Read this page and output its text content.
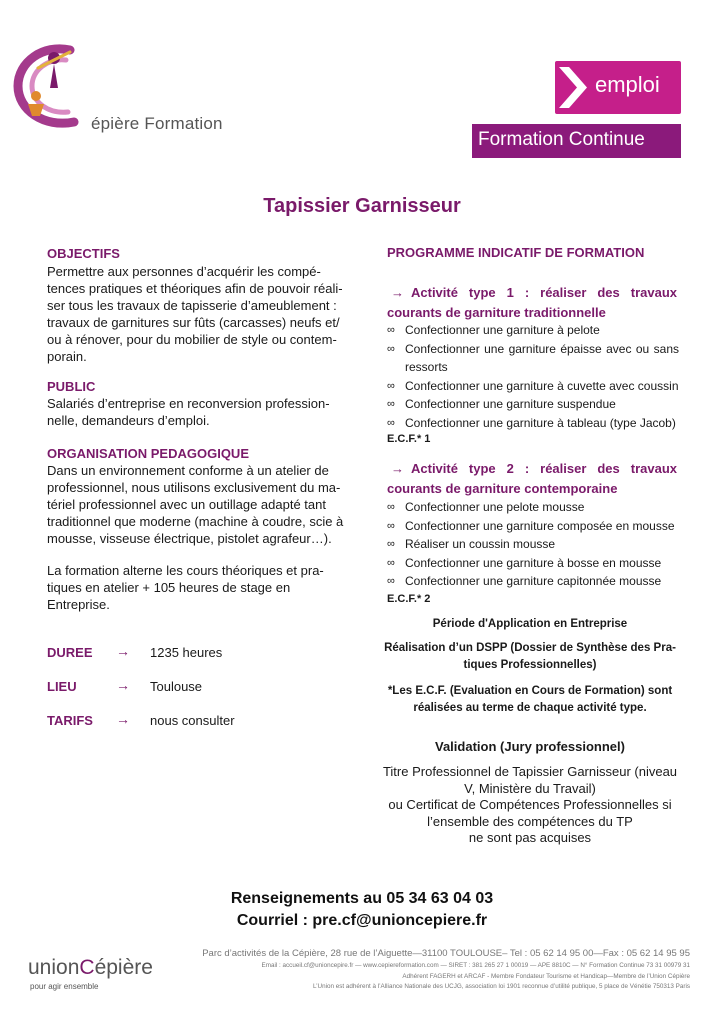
épière Formation
emploi
Formation Continue
Tapissier Garnisseur
OBJECTIFS
Permettre aux personnes d’acquérir les compé-
tences pratiques et théoriques afin de pouvoir réali-
ser tous les travaux de tapisserie d’ameublement :
travaux de garnitures sur fûts (carcasses) neufs et/
ou à rénover, pour du mobilier de style ou contem-
porain.
PUBLIC
Salariés d’entreprise en reconversion profession-
nelle, demandeurs d’emploi.
ORGANISATION PEDAGOGIQUE
Dans un environnement conforme à un atelier de
professionnel, nous utilisons exclusivement du ma-
tériel professionnel avec un outillage adapté tant
traditionnel que moderne (machine à coudre, scie à
mousse, visseuse électrique, pistolet agrafeur…).
La formation alterne les cours théoriques et pra-
tiques en atelier + 105 heures de stage en
Entreprise.
DUREE → 1235 heures
LIEU	→ Toulouse
TARIFS → nous consulter
PROGRAMME INDICATIF DE FORMATION
→ Activité type 1 : réaliser des travaux courants de garniture traditionnelle
∞ Confectionner une garniture à pelote
∞ Confectionner une garniture épaisse avec ou sans ressorts
∞ Confectionner une garniture à cuvette avec coussin
∞ Confectionner une garniture suspendue
∞ Confectionner une garniture à tableau (type Jacob)
E.C.F.* 1
→ Activité type 2 : réaliser des travaux courants de garniture contemporaine
∞ Confectionner une pelote mousse
∞ Confectionner une garniture composée en mousse
∞ Réaliser un coussin mousse
∞ Confectionner une garniture à bosse en mousse
∞ Confectionner une garniture capitonnée mousse
E.C.F.* 2
Période d'Application en Entreprise
Réalisation d’un DSPP (Dossier de Synthèse des Pra-
tiques Professionnelles)
*Les E.C.F. (Evaluation en Cours de Formation) sont
réalisées au terme de chaque activité type.
Validation (Jury professionnel)
Titre Professionnel de Tapissier Garnisseur (niveau
V, Ministère du Travail)
ou Certificat de Compétences Professionnelles si
l’ensemble des compétences du TP
ne sont pas acquises
Renseignements au 05 34 63 04 03
Courriel : pre.cf@unioncepiere.fr
unionCépière
pour agir ensemble
Parc d’activités de la Cépière, 28 rue de l’Aiguette—31100 TOULOUSE– Tel : 05 62 14 95 00—Fax : 05 62 14 95 95
Email : accueil.cf@unioncepire.fr — www.cepiereformation.com — SIRET : 381 265 27 1 00019 — APE 8810C — N° Formation Continue 73 31 00979 31
Adhérent FAGERH et ARCAF - Membre Fondateur Tourisme et Handicap—Membre de l’Union Cépière
L’Union est adhérent à l’Alliance Nationale des UCJG, association loi 1901 reconnue d’utilité publique, 5 place de Vénétie 750313 Paris
